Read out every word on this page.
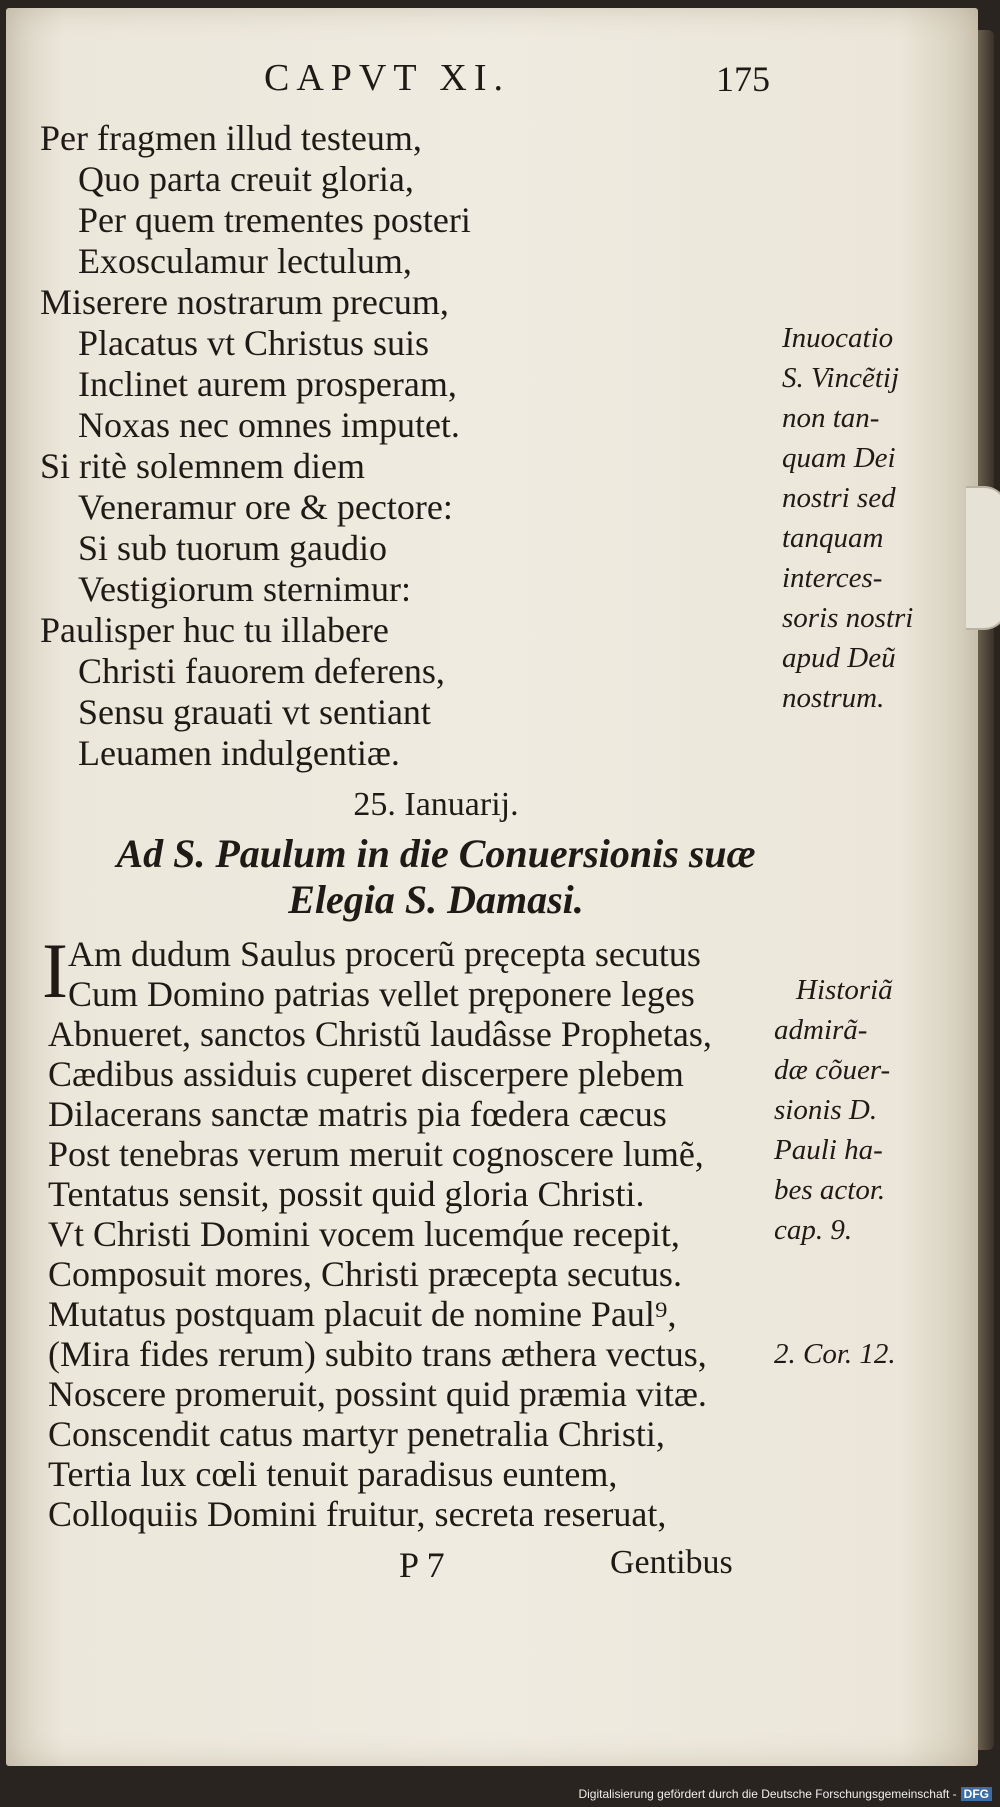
CAPVT XI.	175
Per fragmen illud testeum,
Quo parta creuit gloria,
Per quem trementes posteri
Exosculamur lectulum,
Miserere nostrarum precum,
Placatus vt Christus suis
Inclinet aurem prosperam,
Noxas nec omnes imputet.
Si ritè solemnem diem
Veneramur ore & pectore:
Si sub tuorum gaudio
Vestigiorum sternimur:
Paulisper huc tu illabere
Christi fauorem deferens,
Sensu grauati vt sentiant
Leuamen indulgentiæ.
Inuocatio
S. Vincẽtij
non tan-
quam Dei
nostri sed
tanquam
interces-
soris nostri
apud Deũ
nostrum.
25. Ianuarij.
Ad S. Paulum in die Conuersionis suæ
Elegia S. Damasi.
I Am dudum Saulus procerũ pręcepta secutus
Cum Domino patrias vellet pręponere leges
Abnueret, sanctos Christũ laudâsse Prophetas,
Cædibus assiduis cuperet discerpere plebem
Dilacerans sanctæ matris pia fœdera cæcus
Post tenebras verum meruit cognoscere lumẽ,
Tentatus sensit, possit quid gloria Christi.
Vt Christi Domini vocem lucemq́ue recepit,
Composuit mores, Christi præcepta secutus.
Mutatus postquam placuit de nomine Paul⁹,
(Mira fides rerum) subito trans æthera vectus,
Noscere promeruit, possint quid præmia vitæ.
Conscendit catus martyr penetralia Christi,
Tertia lux cœli tenuit paradisus euntem,
Colloquiis Domini fruitur, secreta reseruat,
Historiã
admirã-
dæ cõuer-
sionis D.
Pauli ha-
bes actor.
cap. 9.
2. Cor. 12.
P 7	Gentibus
Digitalisierung gefördert durch die Deutsche Forschungsgemeinschaft - DFG
